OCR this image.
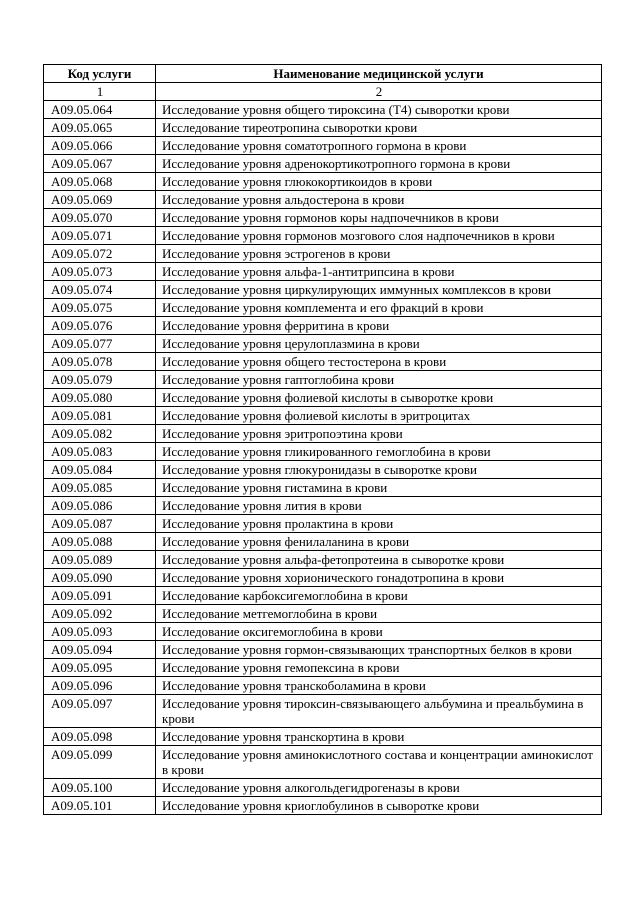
Код услуги	Наименование медицинской услуги
1	2
A09.05.064	Исследование уровня общего тироксина (Т4) сыворотки крови
A09.05.065	Исследование тиреотропина сыворотки крови
A09.05.066	Исследование уровня соматотропного гормона в крови
A09.05.067	Исследование уровня адренокортикотропного гормона в крови
A09.05.068	Исследование уровня глюкокортикоидов в крови
A09.05.069	Исследование уровня альдостерона в крови
A09.05.070	Исследование уровня гормонов коры надпочечников в крови
A09.05.071	Исследование уровня гормонов мозгового слоя надпочечников в крови
A09.05.072	Исследование уровня эстрогенов в крови
A09.05.073	Исследование уровня альфа-1-антитрипсина в крови
A09.05.074	Исследование уровня циркулирующих иммунных комплексов в крови
A09.05.075	Исследование уровня комплемента и его фракций в крови
A09.05.076	Исследование уровня ферритина в крови
A09.05.077	Исследование уровня церулоплазмина в крови
A09.05.078	Исследование уровня общего тестостерона в крови
A09.05.079	Исследование уровня гаптоглобина крови
A09.05.080	Исследование уровня фолиевой кислоты в сыворотке крови
A09.05.081	Исследование уровня фолиевой кислоты в эритроцитах
A09.05.082	Исследование уровня эритропоэтина крови
A09.05.083	Исследование уровня гликированного гемоглобина в крови
A09.05.084	Исследование уровня глюкуронидазы в сыворотке крови
A09.05.085	Исследование уровня гистамина в крови
A09.05.086	Исследование уровня лития в крови
A09.05.087	Исследование уровня пролактина в крови
A09.05.088	Исследование уровня фенилаланина в крови
A09.05.089	Исследование уровня альфа-фетопротеина в сыворотке крови
A09.05.090	Исследование уровня хорионического гонадотропина в крови
A09.05.091	Исследование карбоксигемоглобина в крови
A09.05.092	Исследование метгемоглобина в крови
A09.05.093	Исследование оксигемоглобина в крови
A09.05.094	Исследование уровня гормон-связывающих транспортных белков в крови
A09.05.095	Исследование уровня гемопексина в крови
A09.05.096	Исследование уровня транскоболамина в крови
A09.05.097	Исследование уровня тироксин-связывающего альбумина и преальбумина в крови
A09.05.098	Исследование уровня транскортина в крови
A09.05.099	Исследование уровня аминокислотного состава и концентрации аминокислот в крови
A09.05.100	Исследование уровня алкогольдегидрогеназы в крови
A09.05.101	Исследование уровня криоглобулинов в сыворотке крови
